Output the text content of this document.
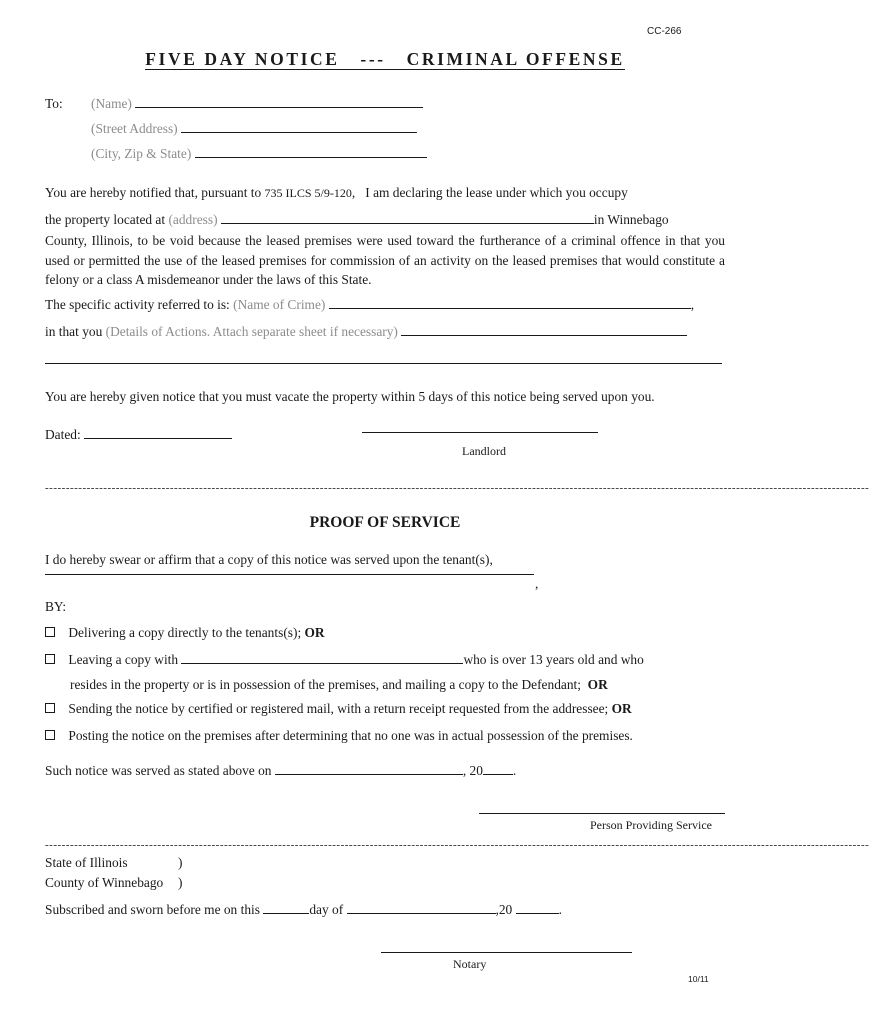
CC-266
FIVE DAY NOTICE   ---   CRIMINAL OFFENSE
To: (Name)
(Street Address)
(City, Zip & State)
You are hereby notified that, pursuant to 735 ILCS 5/9-120,   I am declaring the lease under which you occupy
the property located at (address)	in Winnebago
County, Illinois, to be void because the leased premises were used toward the furtherance of a criminal offence in that you used or permitted the use of the leased premises for commission of an activity on the leased premises that would constitute a felony or a class A misdemeanor under the laws of this State.
The specific activity referred to is: (Name of Crime)	,
in that you (Details of Actions. Attach separate sheet if necessary)
You are hereby given notice that you must vacate the property within 5 days of this notice being served upon you.
Dated:
Landlord
------------------------------------------------------------------------------------------------------------------------------------------------------------------------------------------------------
PROOF OF SERVICE
I do hereby swear or affirm that a copy of this notice was served upon the tenant(s),
,
BY:
Delivering a copy directly to the tenants(s); OR
Leaving a copy with	who is over 13 years old and who
resides in the property or is in possession of the premises, and mailing a copy to the Defendant;  OR
Sending the notice by certified or registered mail, with a return receipt requested from the addressee; OR
Posting the notice on the premises after determining that no one was in actual possession of the premises.
Such notice was served as stated above on	, 20 .
Person Providing Service
------------------------------------------------------------------------------------------------------------------------------------------------------------------------------------------------------
State of Illinois	)
County of Winnebago )
Subscribed and sworn before me on this	day of	,20	.
Notary
10/11
